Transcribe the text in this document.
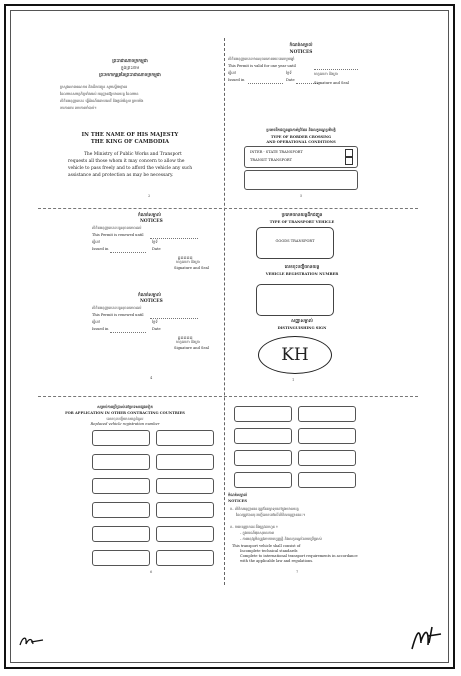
ព្រះរាជាណាចក្រកម្ពុជា
ក្នុងព្រះនាម
ព្រះមហាក្សត្រនៃព្រះរាជាណាចក្រកម្ពុជា
ក្រសួងសាធារណការ និងដឹកជញ្ជូន សូមស្នើអាជ្ញាធរ
ដែលមានសមត្ថកិច្ចទាំងអស់ អនុញ្ញាតឱ្យយានយន្ត ដែលមាន
លិខិតអនុញ្ញាតនេះ ធ្វើដំណើរដោយសេរី និងផ្តល់ជំនួយ ព្រមទាំង
ការការពារ តាមការចាំបាច់។
IN THE NAME OF HIS MAJESTY
THE KING OF CAMBODIA
The Ministry of Public Works and Transport
requests all those whom it may concern to allow the
vehicle to pass freely and to afford the vehicle any such
assistance and protection as may be necessary.
2
កំណត់សម្គាល់
NOTICES
លិខិតអនុញ្ញាតនេះមានសុពលភាពរយៈពេលមួយឆ្នាំ
This Permit is valid for one year until
ធ្វើនៅ	ថ្ងៃទី
Issued in	Date
ហត្ថលេខា និងត្រា
Signature and Seal
ប្រភេទដឹកជញ្ជូនឆ្លងកាត់ព្រំដែន និងលក្ខខណ្ឌប្រតិបត្តិ
TYPE OF BORDER CROSSING
AND OPERATIONAL CONDITIONS
INTER - STATE TRANSPORT
TRANSIT TRANSPORT
5
កំណត់សម្គាល់
NOTICES
លិខិតអនុញ្ញាតនេះបន្តសុពលភាពដល់
This Permit is renewed until
ធ្វើនៅ	ថ្ងៃទី
Issued in	Date
ឆ្ង ឆ ឆ ឆ ឆ
ហត្ថលេខា និងត្រា
Signature and Seal
កំណត់សម្គាល់
NOTICES
លិខិតអនុញ្ញាតនេះបន្តសុពលភាពដល់
This Permit is renewed until
ធ្វើនៅ	ថ្ងៃទី
Issued in	Date
ឆ្ង ឆ ឆ ឆ ឆ
ហត្ថលេខា និងត្រា
Signature and Seal
4
ប្រភេទយានយន្តដឹកជញ្ជូន
TYPE OF TRANSPORT VEHICLE
GOODS TRANSPORT
លេខចុះបញ្ជីយានយន្ត
VEHICLE REGISTRATION NUMBER
សញ្ញាសម្គាល់
DISTINGUISHING SIGN
KH
1
សម្រាប់ការប្រើប្រាស់នៅប្រទេសផ្សេងទៀត
FOR APPLICATION IN OTHER CONTRACTING COUNTRIES
លេខចុះបញ្ជីយានយន្តជំនួស
Replaced vehicle registration number
6
កំណត់សម្គាល់
NOTICES
ក- លិខិតអនុញ្ញាតនេះត្រូវតែរក្សាទុកនៅក្នុងយានយន្ត
ដែលត្រូវបានចុះបញ្ជីលេខនៅលើលិខិតអនុញ្ញាតនេះ។
ខ- ការអនុញ្ញាតនេះនឹងត្រូវដកហូត ៖
- ក្នុងករណីផុតសុពលភាព
- ការអនុវត្តមិនត្រូវតាមបទប្បញ្ញត្តិ និងលក្ខខណ្ឌនៃការប្រើប្រាស់
This transport vehicle shall consist of
Incomplete technical standards
Complete to international transport requirements in accordance
with the applicable law and regulations.
7
